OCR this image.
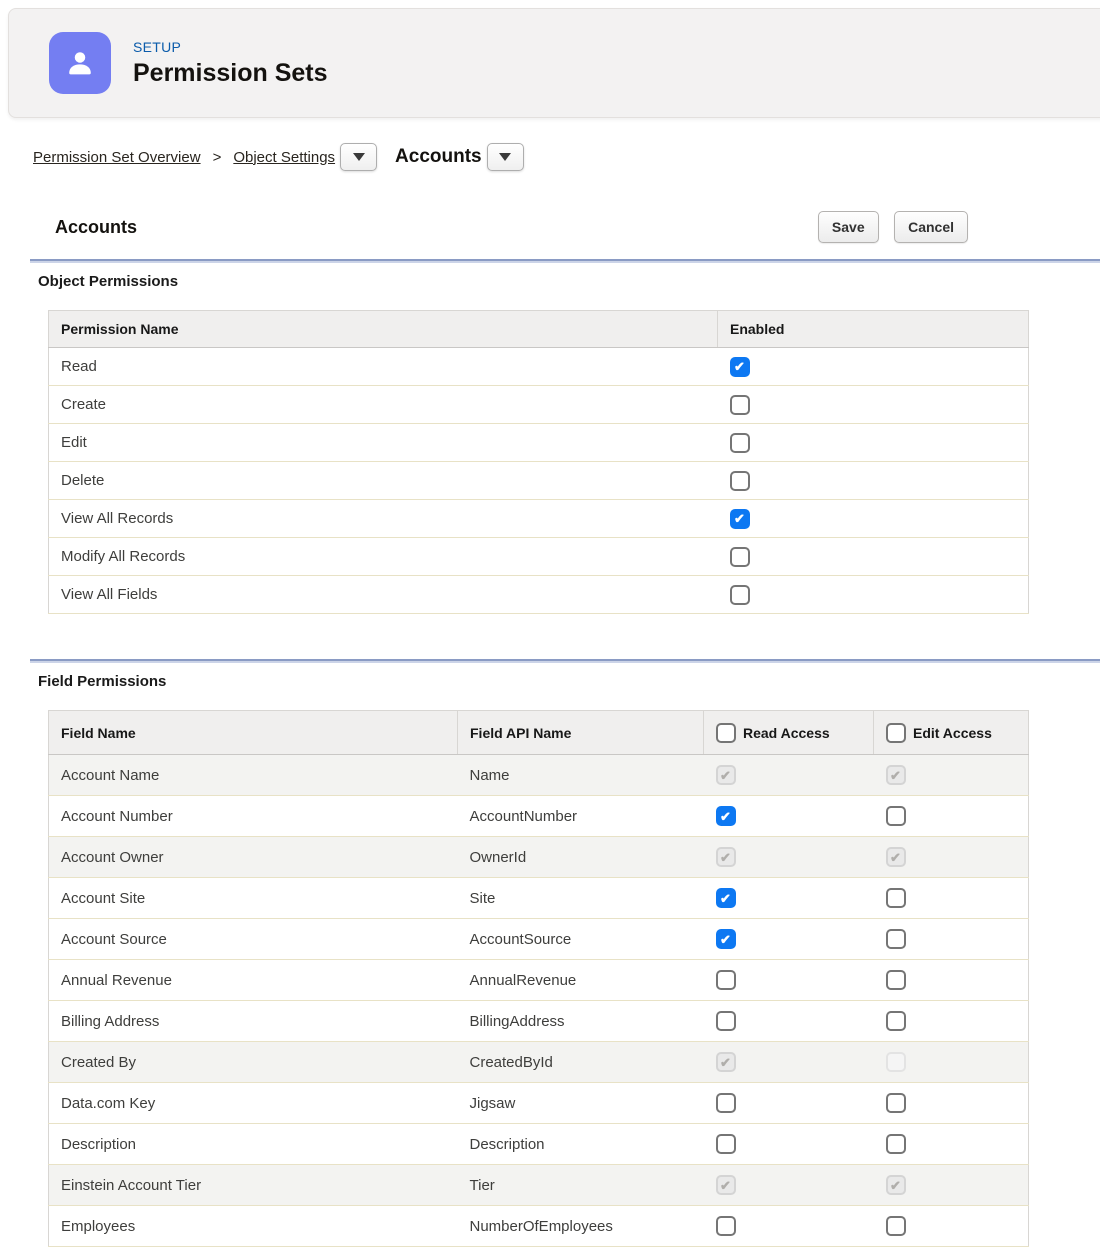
SETUP
Permission Sets
Permission Set Overview > Object Settings	Accounts
Accounts	Save	Cancel
Object Permissions
Permission Name	Enabled
Read	✔
Create	
Edit	
Delete	
View All Records	✔
Modify All Records	
View All Fields	
Field Permissions
Field Name	Field API Name	Read Access	Edit Access

Account Name	Name	✔	✔
Account Number	AccountNumber	✔	
Account Owner	OwnerId	✔	✔
Account Site	Site	✔	
Account Source	AccountSource	✔	
Annual Revenue	AnnualRevenue		
Billing Address	BillingAddress		
Created By	CreatedById	✔	
Data.com Key	Jigsaw		
Description	Description		
Einstein Account Tier	Tier	✔	✔
Employees	NumberOfEmployees		
